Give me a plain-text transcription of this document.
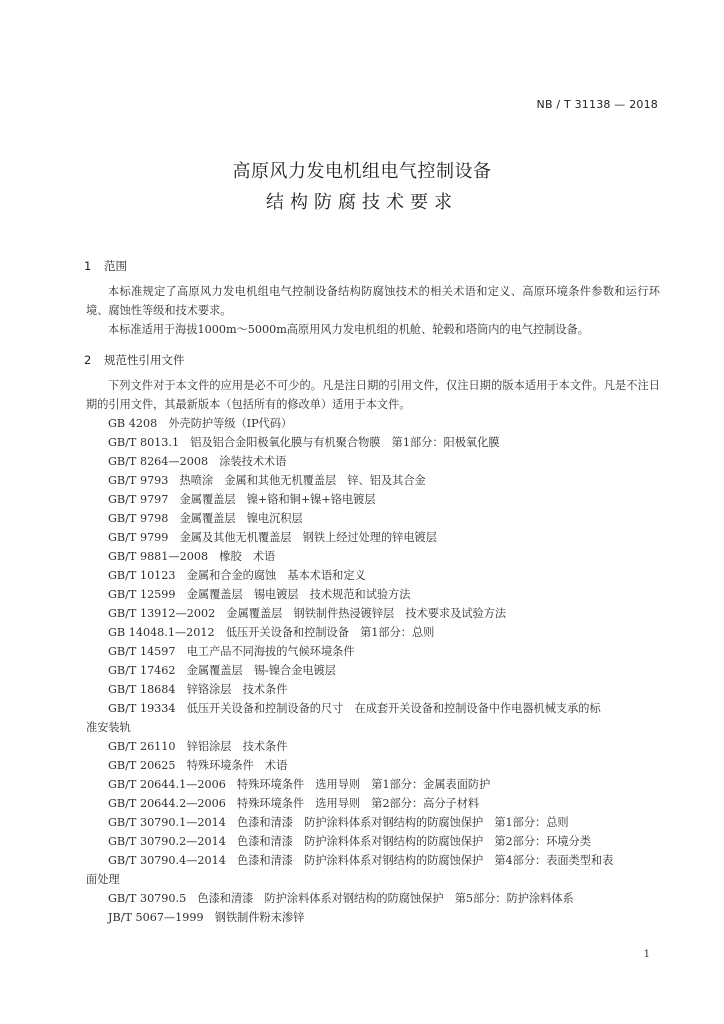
NB / T 31138 — 2018
高原风力发电机组电气控制设备
结构防腐技术要求
1 范围

本标准规定了高原风力发电机组电气控制设备结构防腐蚀技术的相关术语和定义、高原环境条件参数和运行环境、腐蚀性等级和技术要求。

本标准适用于海拔1000m～5000m高原用风力发电机组的机舱、轮毂和塔筒内的电气控制设备。

2 规范性引用文件

下列文件对于本文件的应用是必不可少的。凡是注日期的引用文件，仅注日期的版本适用于本文件。凡是不注日期的引用文件，其最新版本（包括所有的修改单）适用于本文件。

GB 4208　外壳防护等级（IP代码）
GB/T 8013.1　铝及铝合金阳极氧化膜与有机聚合物膜　第1部分：阳极氧化膜
GB/T 8264—2008　涂装技术术语
GB/T 9793　热喷涂　金属和其他无机覆盖层　锌、铝及其合金
GB/T 9797　金属覆盖层　镍+铬和铜+镍+铬电镀层
GB/T 9798　金属覆盖层　镍电沉积层
GB/T 9799　金属及其他无机覆盖层　钢铁上经过处理的锌电镀层
GB/T 9881—2008　橡胶　术语
GB/T 10123　金属和合金的腐蚀　基本术语和定义
GB/T 12599　金属覆盖层　锡电镀层　技术规范和试验方法
GB/T 13912—2002　金属覆盖层　钢铁制件热浸镀锌层　技术要求及试验方法
GB 14048.1—2012　低压开关设备和控制设备　第1部分：总则
GB/T 14597　电工产品不同海拔的气候环境条件
GB/T 17462　金属覆盖层　锡-镍合金电镀层
GB/T 18684　锌铬涂层　技术条件
GB/T 19334　低压开关设备和控制设备的尺寸　在成套开关设备和控制设备中作电器机械支承的标
准安装轨
GB/T 26110　锌铝涂层　技术条件
GB/T 20625　特殊环境条件　术语
GB/T 20644.1—2006　特殊环境条件　选用导则　第1部分：金属表面防护
GB/T 20644.2—2006　特殊环境条件　选用导则　第2部分：高分子材料
GB/T 30790.1—2014　色漆和清漆　防护涂料体系对钢结构的防腐蚀保护　第1部分：总则
GB/T 30790.2—2014　色漆和清漆　防护涂料体系对钢结构的防腐蚀保护　第2部分：环境分类
GB/T 30790.4—2014　色漆和清漆　防护涂料体系对钢结构的防腐蚀保护　第4部分：表面类型和表
面处理
GB/T 30790.5　色漆和清漆　防护涂料体系对钢结构的防腐蚀保护　第5部分：防护涂料体系
JB/T 5067—1999　钢铁制件粉末渗锌
1
